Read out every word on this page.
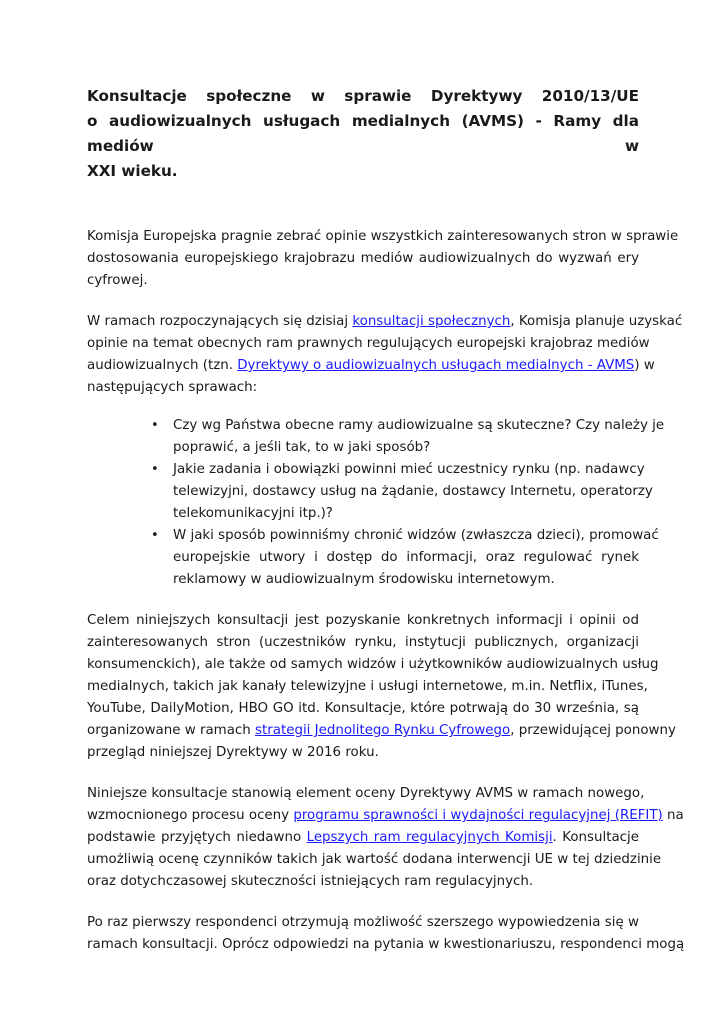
Konsultacje społeczne w sprawie Dyrektywy 2010/13/UE
o audiowizualnych usługach medialnych (AVMS) - Ramy dla mediów w
XXI wieku.

Komisja Europejska pragnie zebrać opinie wszystkich zainteresowanych stron w sprawie
dostosowania europejskiego krajobrazu mediów audiowizualnych do wyzwań ery
cyfrowej.

W ramach rozpoczynających się dzisiaj konsultacji społecznych, Komisja planuje uzyskać
opinie na temat obecnych ram prawnych regulujących europejski krajobraz mediów
audiowizualnych (tzn. Dyrektywy o audiowizualnych usługach medialnych - AVMS) w
następujących sprawach:

• Czy wg Państwa obecne ramy audiowizualne są skuteczne? Czy należy je
poprawić, a jeśli tak, to w jaki sposób?
• Jakie zadania i obowiązki powinni mieć uczestnicy rynku (np. nadawcy
telewizyjni, dostawcy usług na żądanie, dostawcy Internetu, operatorzy
telekomunikacyjni itp.)?
• W jaki sposób powinniśmy chronić widzów (zwłaszcza dzieci), promować
europejskie utwory i dostęp do informacji, oraz regulować rynek
reklamowy w audiowizualnym środowisku internetowym.

Celem niniejszych konsultacji jest pozyskanie konkretnych informacji i opinii od
zainteresowanych stron (uczestników rynku, instytucji publicznych, organizacji
konsumenckich), ale także od samych widzów i użytkowników audiowizualnych usług
medialnych, takich jak kanały telewizyjne i usługi internetowe, m.in. Netflix, iTunes,
YouTube, DailyMotion, HBO GO itd. Konsultacje, które potrwają do 30 września, są
organizowane w ramach strategii Jednolitego Rynku Cyfrowego, przewidującej ponowny
przegląd niniejszej Dyrektywy w 2016 roku.

Niniejsze konsultacje stanowią element oceny Dyrektywy AVMS w ramach nowego,
wzmocnionego procesu oceny programu sprawności i wydajności regulacyjnej (REFIT) na
podstawie przyjętych niedawno Lepszych ram regulacyjnych Komisji. Konsultacje
umożliwią ocenę czynników takich jak wartość dodana interwencji UE w tej dziedzinie
oraz dotychczasowej skuteczności istniejących ram regulacyjnych.

Po raz pierwszy respondenci otrzymują możliwość szerszego wypowiedzenia się w
ramach konsultacji. Oprócz odpowiedzi na pytania w kwestionariuszu, respondenci mogą
